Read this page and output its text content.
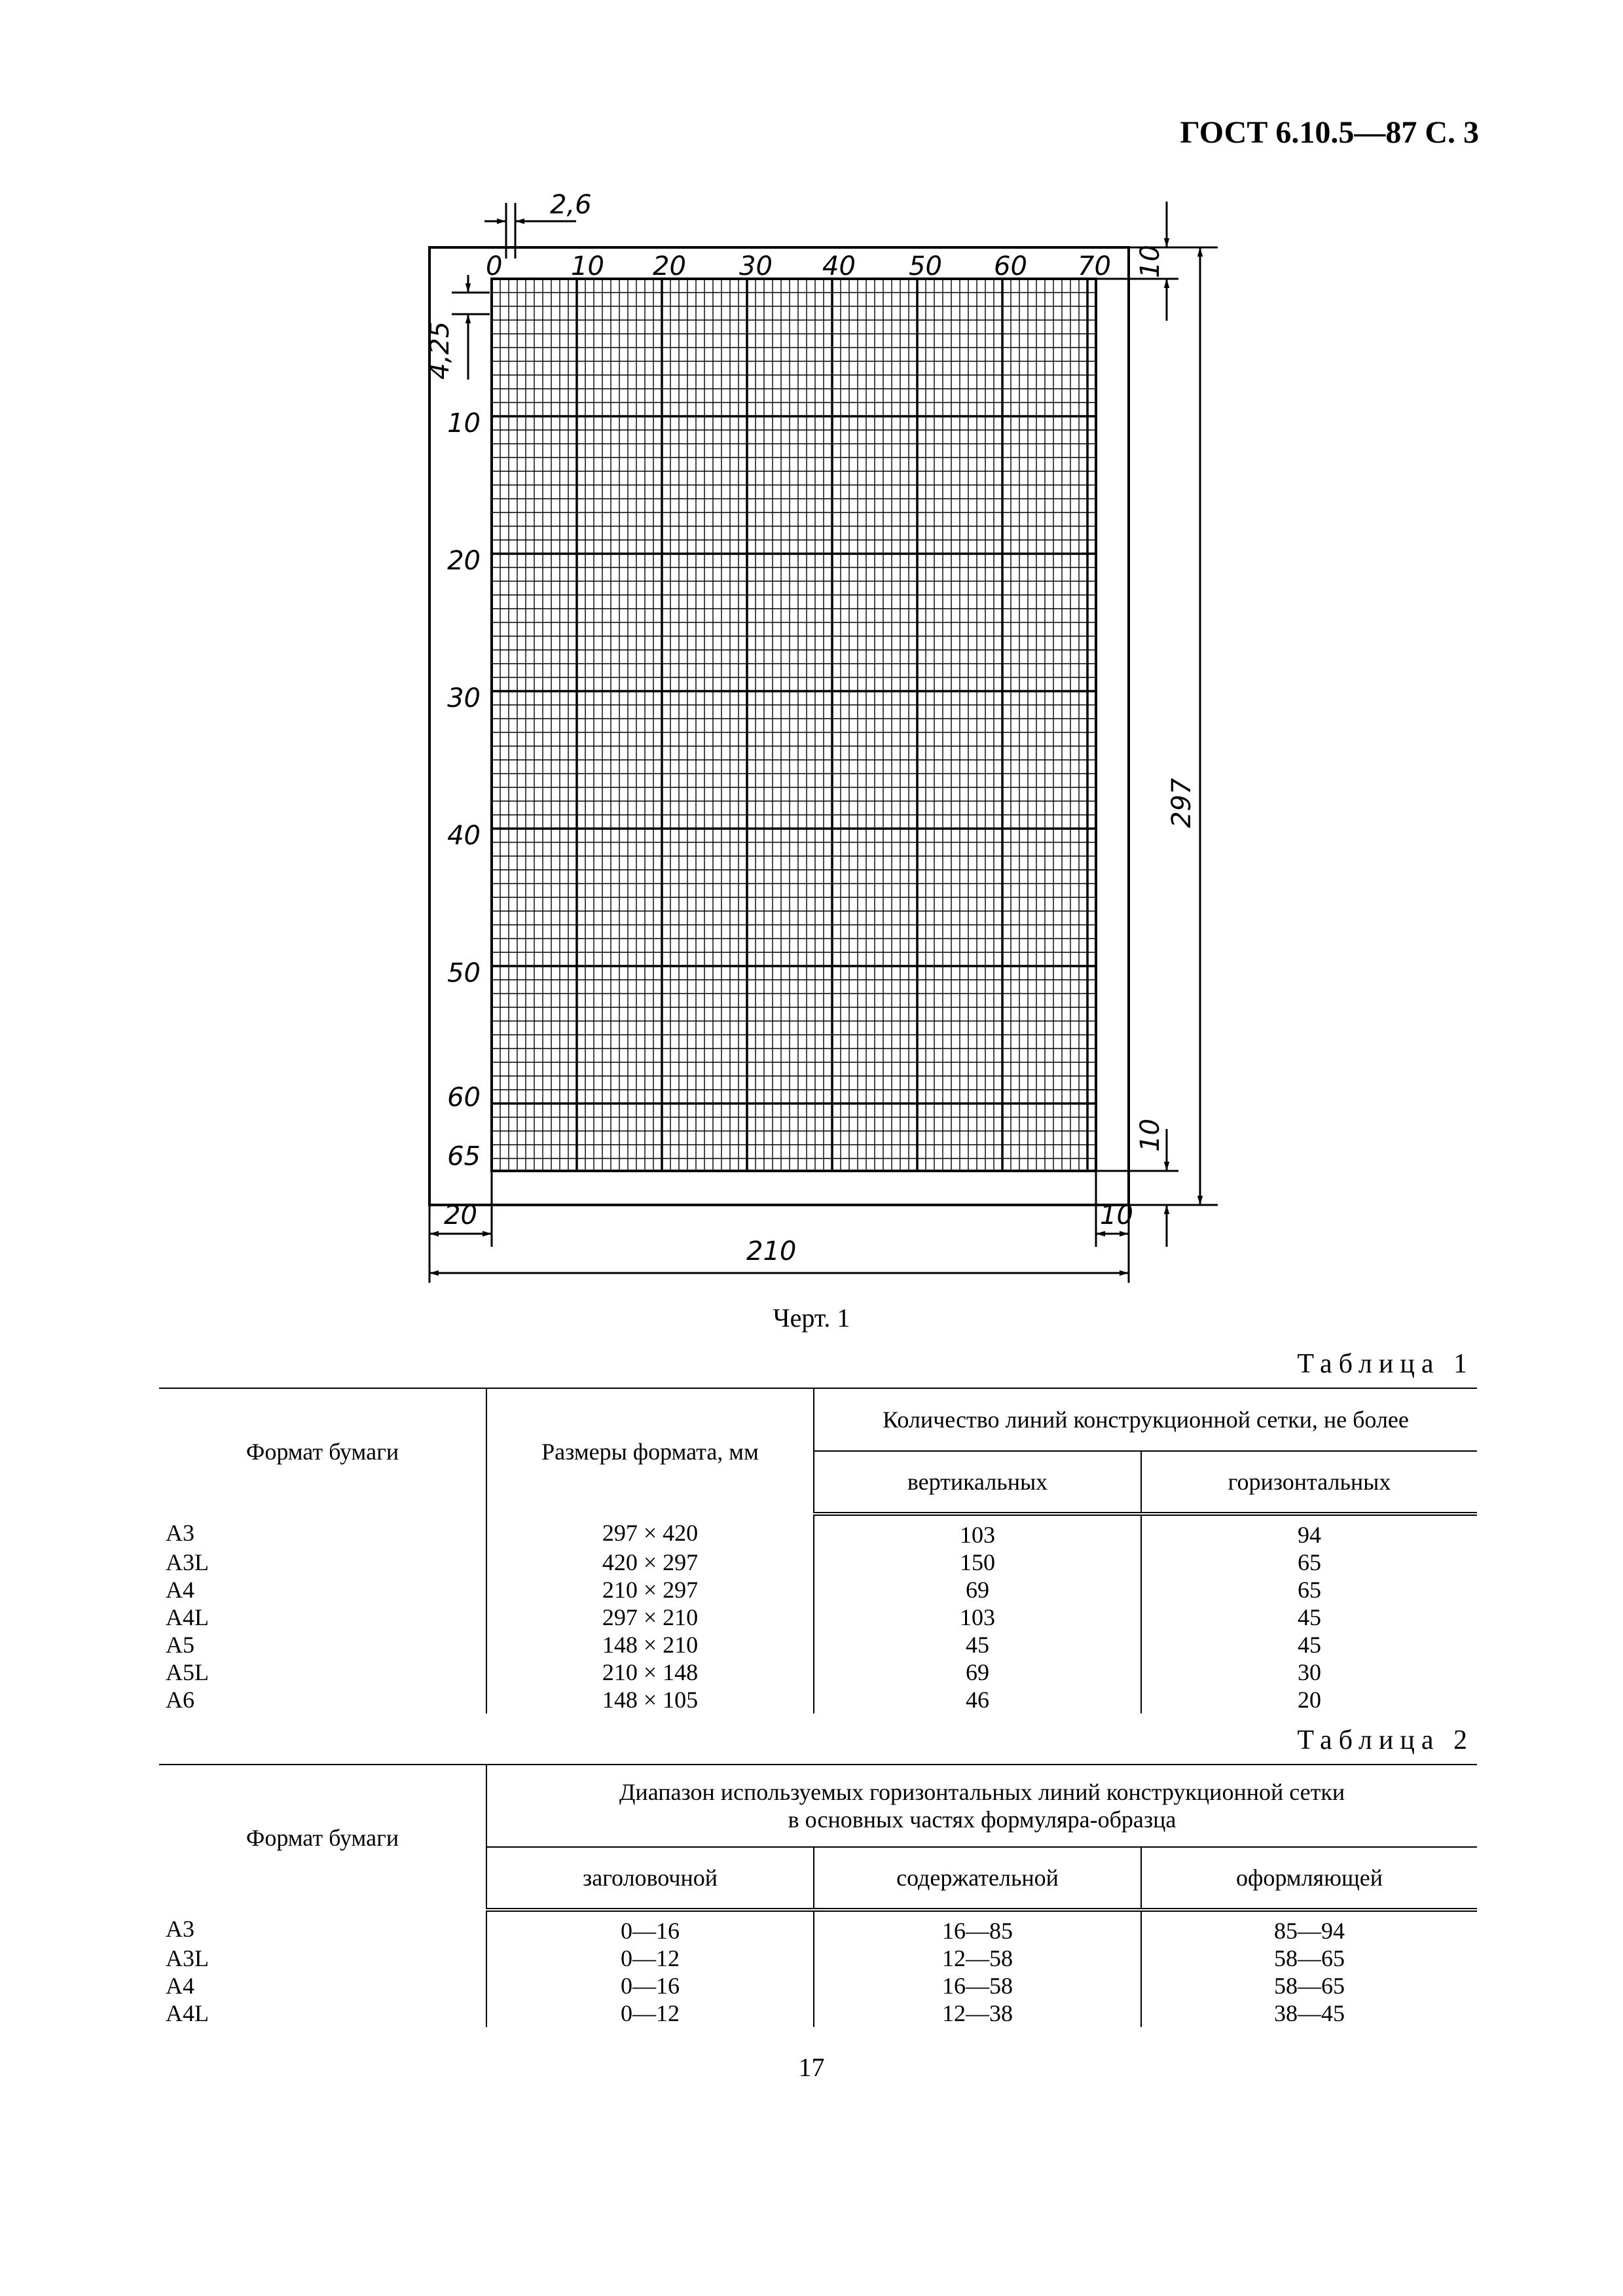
ГОСТ 6.10.5—87 С. 3
0	10 20 30 40 50 60 70
10
20
30
40
50
60
65
2,6
4,25
10
297
10
20	10
210
Черт. 1
Таблица 1
Формат бумаги	Размеры формата, мм	Количество линий конструкционной сетки, не более	
		вертикальных	горизонтальных
A3	297 × 420	103	94
A3L	420 × 297	150	65
A4	210 × 297	69	65
A4L	297 × 210	103	45
A5	148 × 210	45	45
A5L	210 × 148	69	30
A6	148 × 105	46	20
Таблица 2
Формат бумаги	Диапазон используемых горизонтальных линий конструкционной сетки
в основных частях формуляра-образца		
	заголовочной	содержательной	оформляющей
A3	0—16	16—85	85—94
A3L	0—12	12—58	58—65
A4	0—16	16—58	58—65
A4L	0—12	12—38	38—45
17
